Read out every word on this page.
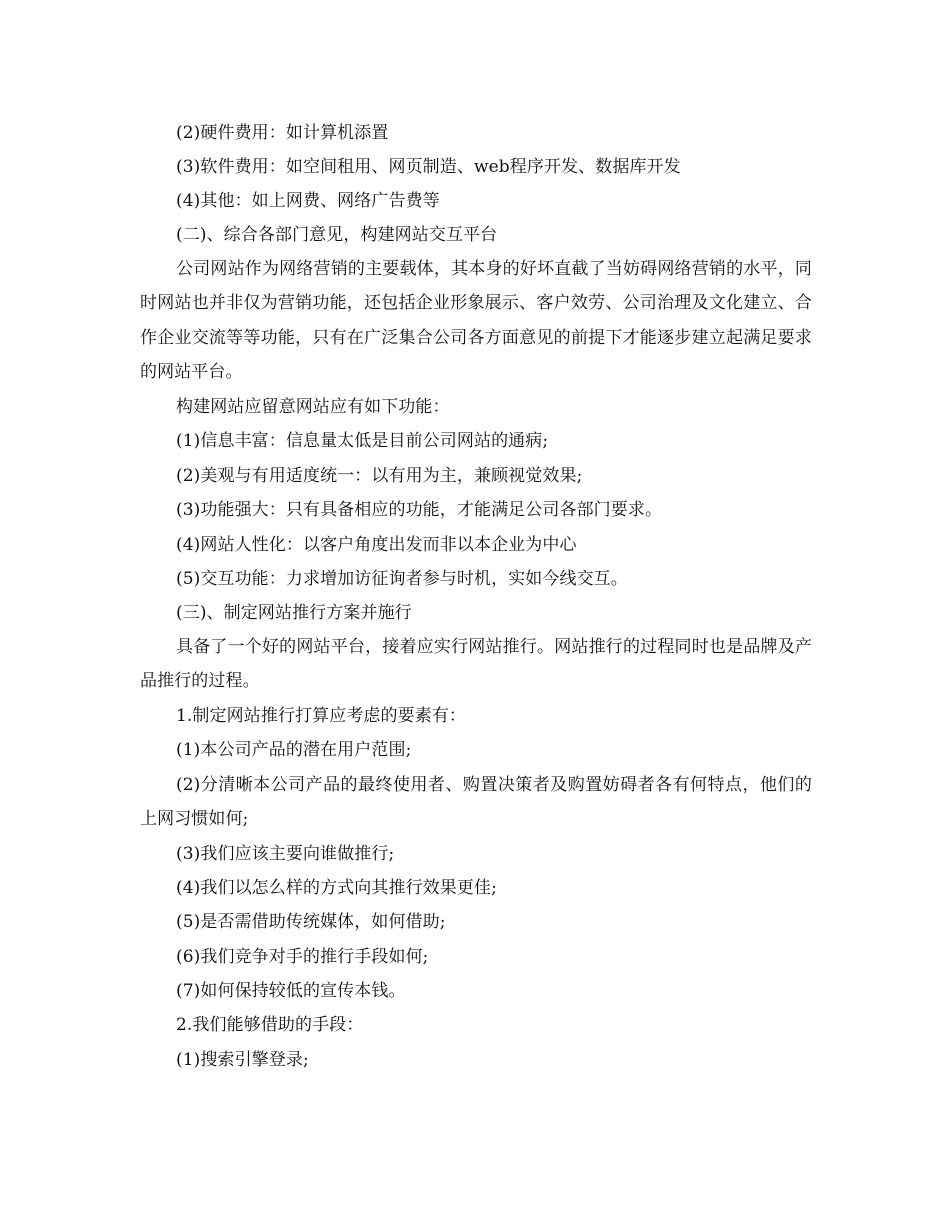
(2)硬件费用：如计算机添置

(3)软件费用：如空间租用、网页制造、web程序开发、数据库开发

(4)其他：如上网费、网络广告费等

(二)、综合各部门意见，构建网站交互平台

公司网站作为网络营销的主要载体，其本身的好坏直截了当妨碍网络营销的水平，同时网站也并非仅为营销功能，还包括企业形象展示、客户效劳、公司治理及文化建立、合作企业交流等等功能，只有在广泛集合公司各方面意见的前提下才能逐步建立起满足要求的网站平台。

构建网站应留意网站应有如下功能：

(1)信息丰富：信息量太低是目前公司网站的通病;

(2)美观与有用适度统一：以有用为主，兼顾视觉效果;

(3)功能强大：只有具备相应的功能，才能满足公司各部门要求。

(4)网站人性化：以客户角度出发而非以本企业为中心

(5)交互功能：力求增加访征询者参与时机，实如今线交互。

(三)、制定网站推行方案并施行

具备了一个好的网站平台，接着应实行网站推行。网站推行的过程同时也是品牌及产品推行的过程。

1.制定网站推行打算应考虑的要素有：

(1)本公司产品的潜在用户范围;

(2)分清晰本公司产品的最终使用者、购置决策者及购置妨碍者各有何特点，他们的上网习惯如何;

(3)我们应该主要向谁做推行;

(4)我们以怎么样的方式向其推行效果更佳;

(5)是否需借助传统媒体，如何借助;

(6)我们竞争对手的推行手段如何;

(7)如何保持较低的宣传本钱。

2.我们能够借助的手段：

(1)搜索引擎登录;
